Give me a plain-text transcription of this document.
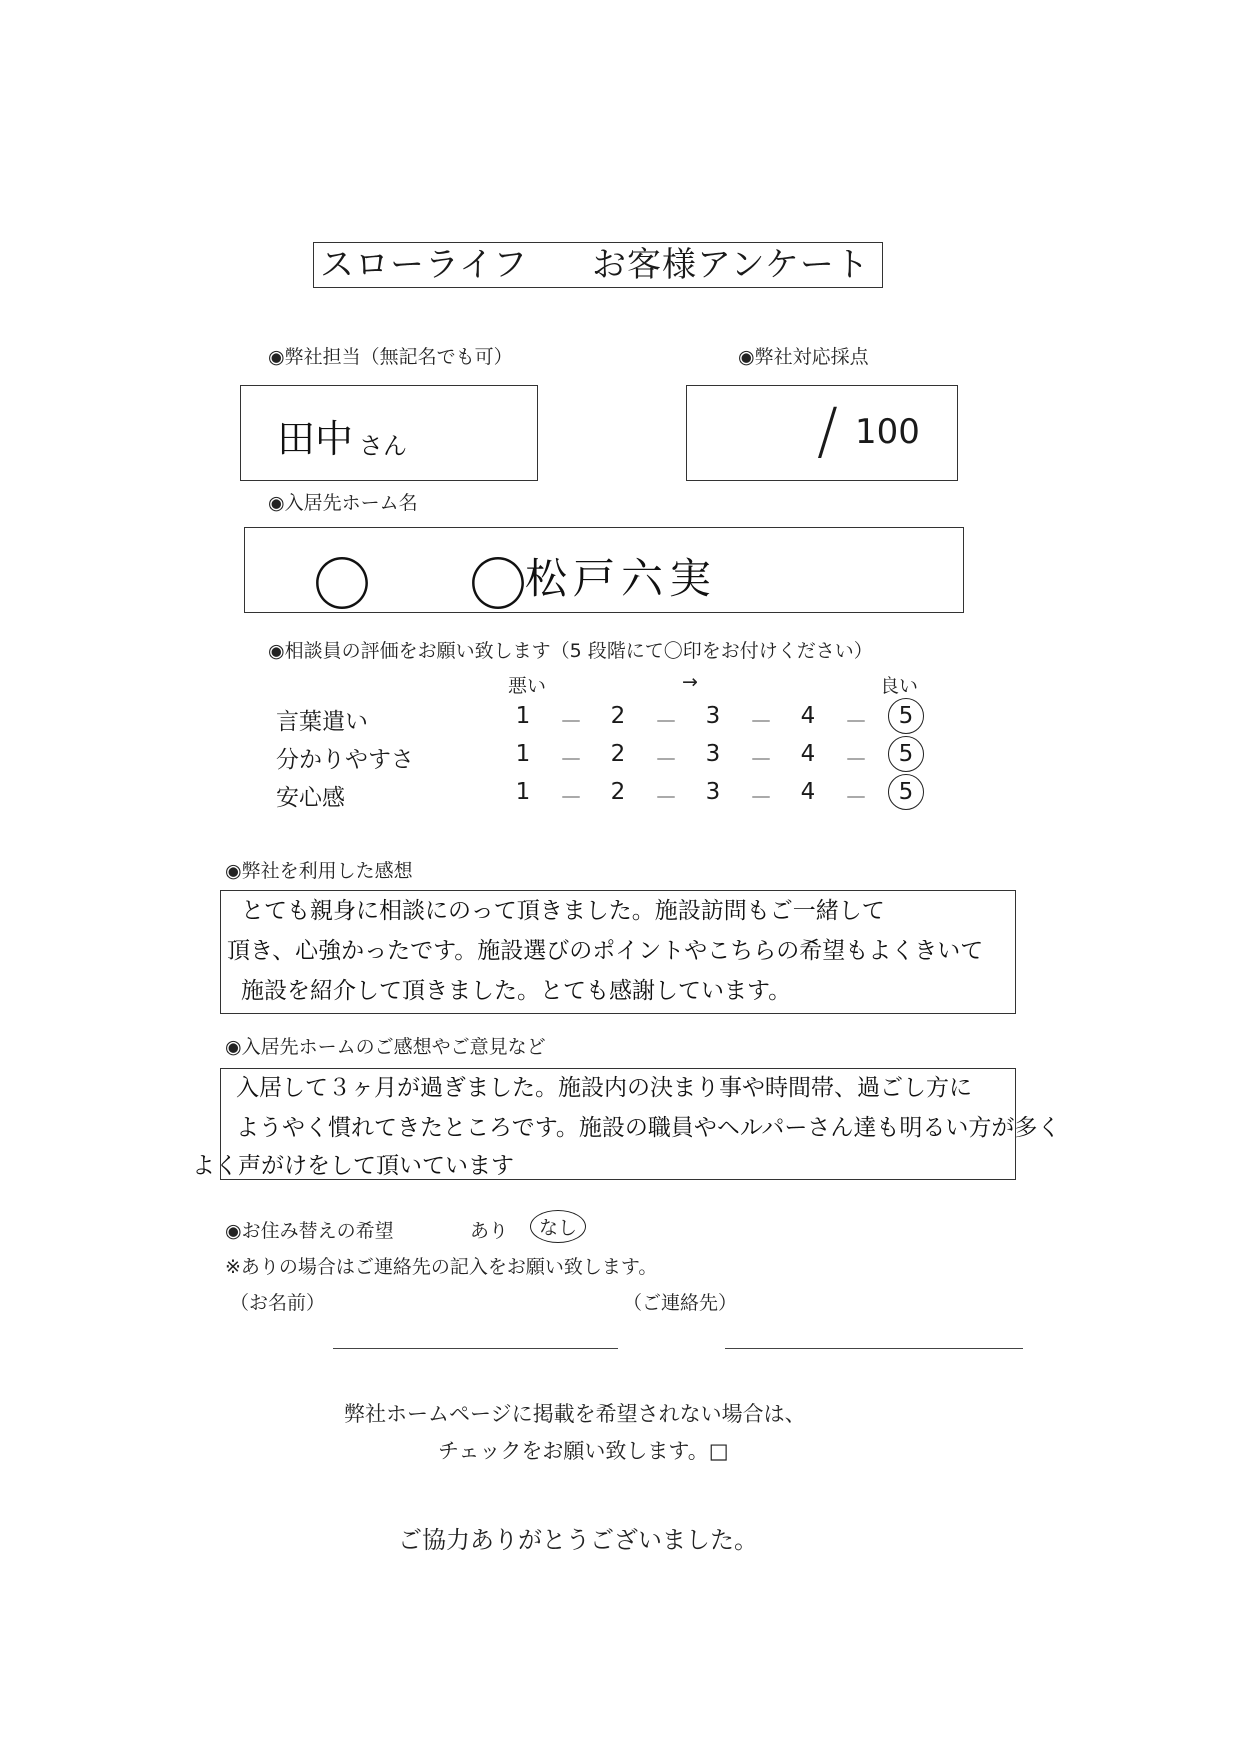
スローライフ お客様アンケート
◉弊社担当（無記名でも可）
田中 さん
◉弊社対応採点
/ 100
◉入居先ホーム名
〇　〇
松戸六実
◉相談員の評価をお願い致します（5 段階にて〇印をお付けください）
悪い	→	良い
言葉遣い	1	－	2	－	3	－	4	－	5
分かりやすさ	1	－	2	－	3	－	4	－	5
安心感	1	－	2	－	3	－	4	－	5
◉弊社を利用した感想
とても親身に相談にのって頂きました。施設訪問もご一緒して
頂き、心強かったです。施設選びのポイントやこちらの希望もよくきいて
施設を紹介して頂きました。とても感謝しています。
◉入居先ホームのご感想やご意見など
入居して３ヶ月が過ぎました。施設内の決まり事や時間帯、過ごし方に
ようやく慣れてきたところです。施設の職員やヘルパーさん達も明るい方が多く
よく声がけをして頂いています
◉お住み替えの希望	あり	なし
※ありの場合はご連絡先の記入をお願い致します。
（お名前）	（ご連絡先）
弊社ホームページに掲載を希望されない場合は、
チェックをお願い致します。□
ご協力ありがとうございました。
